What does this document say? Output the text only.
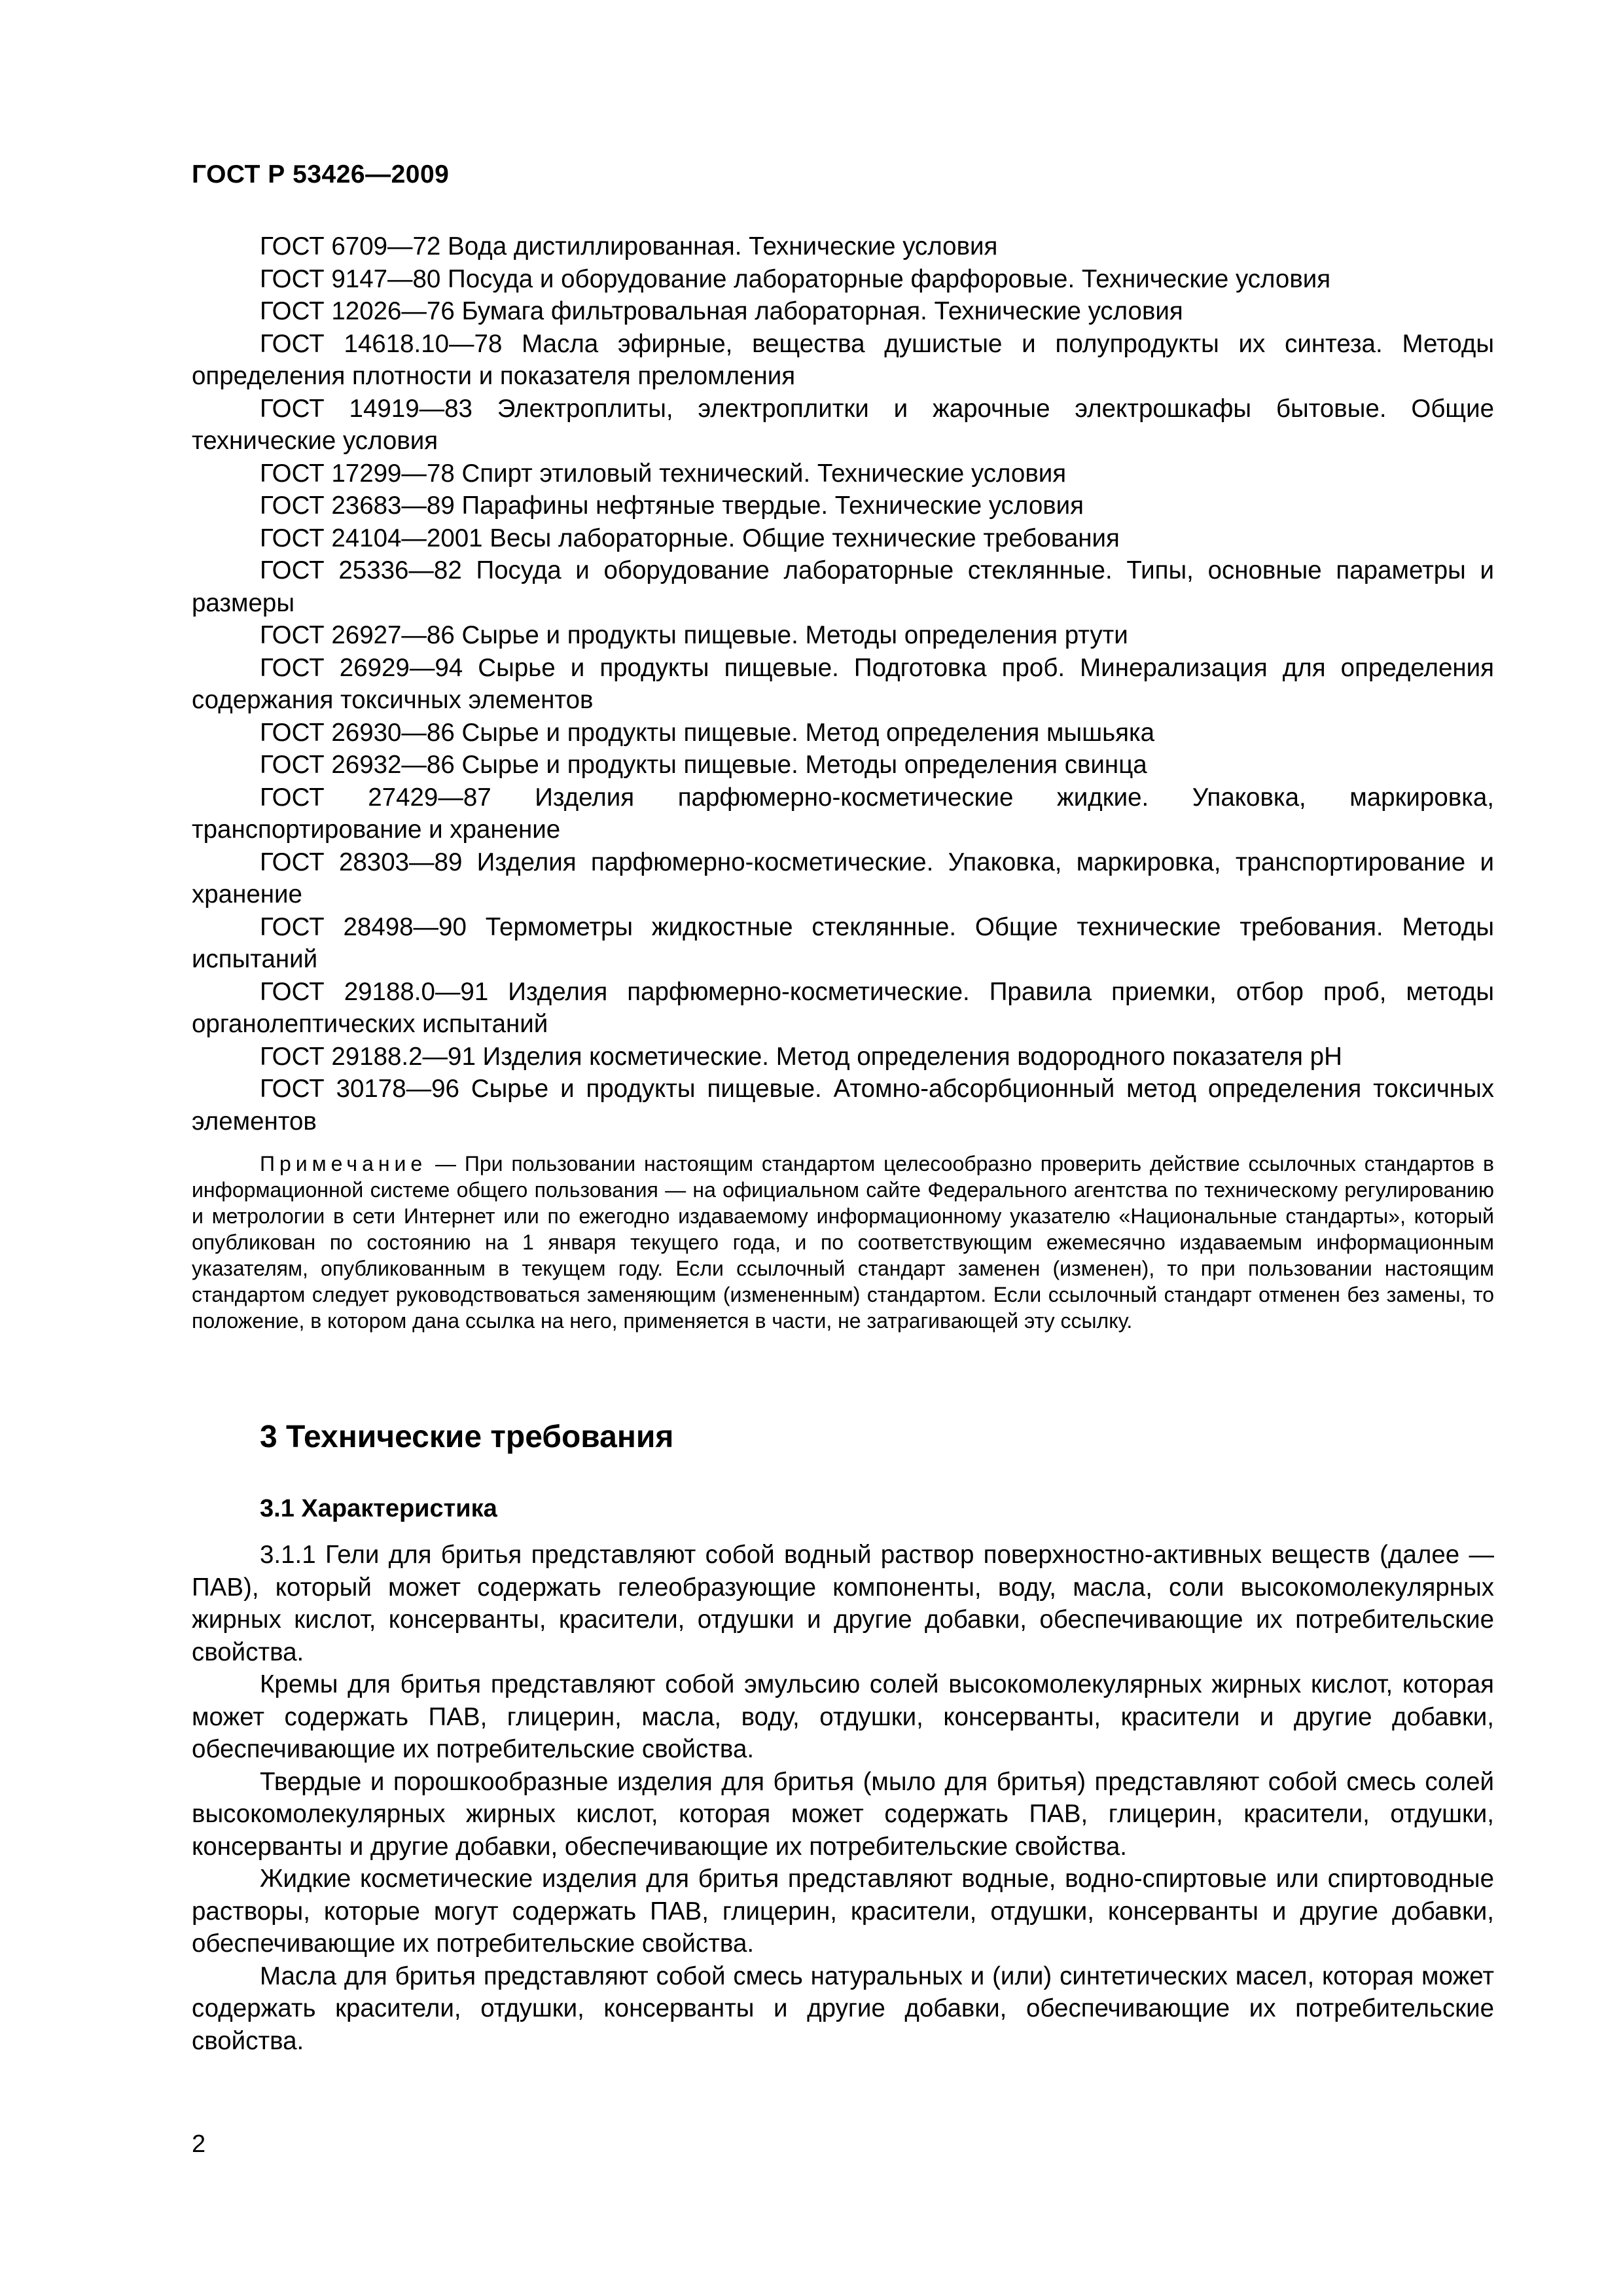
ГОСТ Р 53426—2009

ГОСТ 6709—72 Вода дистиллированная. Технические условия

ГОСТ 9147—80 Посуда и оборудование лабораторные фарфоровые. Технические условия

ГОСТ 12026—76 Бумага фильтровальная лабораторная. Технические условия

ГОСТ 14618.10—78 Масла эфирные, вещества душистые и полупродукты их синтеза. Методы определения плотности и показателя преломления

ГОСТ 14919—83 Электроплиты, электроплитки и жарочные электрошкафы бытовые. Общие технические условия

ГОСТ 17299—78 Спирт этиловый технический. Технические условия

ГОСТ 23683—89 Парафины нефтяные твердые. Технические условия

ГОСТ 24104—2001 Весы лабораторные. Общие технические требования

ГОСТ 25336—82 Посуда и оборудование лабораторные стеклянные. Типы, основные параметры и размеры

ГОСТ 26927—86 Сырье и продукты пищевые. Методы определения ртути

ГОСТ 26929—94 Сырье и продукты пищевые. Подготовка проб. Минерализация для определения содержания токсичных элементов

ГОСТ 26930—86 Сырье и продукты пищевые. Метод определения мышьяка

ГОСТ 26932—86 Сырье и продукты пищевые. Методы определения свинца

ГОСТ 27429—87 Изделия парфюмерно-косметические жидкие. Упаковка, маркировка, транспортирование и хранение

ГОСТ 28303—89 Изделия парфюмерно-косметические. Упаковка, маркировка, транспортирование и хранение

ГОСТ 28498—90 Термометры жидкостные стеклянные. Общие технические требования. Методы испытаний

ГОСТ 29188.0—91 Изделия парфюмерно-косметические. Правила приемки, отбор проб, методы органолептических испытаний

ГОСТ 29188.2—91 Изделия косметические. Метод определения водородного показателя pH

ГОСТ 30178—96 Сырье и продукты пищевые. Атомно-абсорбционный метод определения токсичных элементов

Примечание — При пользовании настоящим стандартом целесообразно проверить действие ссылочных стандартов в информационной системе общего пользования — на официальном сайте Федерального агентства по техническому регулированию и метрологии в сети Интернет или по ежегодно издаваемому информационному указателю «Национальные стандарты», который опубликован по состоянию на 1 января текущего года, и по соответствующим ежемесячно издаваемым информационным указателям, опубликованным в текущем году. Если ссылочный стандарт заменен (изменен), то при пользовании настоящим стандартом следует руководствоваться заменяющим (измененным) стандартом. Если ссылочный стандарт отменен без замены, то положение, в котором дана ссылка на него, применяется в части, не затрагивающей эту ссылку.

3 Технические требования
3.1 Характеристика

3.1.1 Гели для бритья представляют собой водный раствор поверхностно-активных веществ (далее — ПАВ), который может содержать гелеобразующие компоненты, воду, масла, соли высокомолекулярных жирных кислот, консерванты, красители, отдушки и другие добавки, обеспечивающие их потребительские свойства.

Кремы для бритья представляют собой эмульсию солей высокомолекулярных жирных кислот, которая может содержать ПАВ, глицерин, масла, воду, отдушки, консерванты, красители и другие добавки, обеспечивающие их потребительские свойства.

Твердые и порошкообразные изделия для бритья (мыло для бритья) представляют собой смесь солей высокомолекулярных жирных кислот, которая может содержать ПАВ, глицерин, красители, отдушки, консерванты и другие добавки, обеспечивающие их потребительские свойства.

Жидкие косметические изделия для бритья представляют водные, водно-спиртовые или спиртоводные растворы, которые могут содержать ПАВ, глицерин, красители, отдушки, консерванты и другие добавки, обеспечивающие их потребительские свойства.

Масла для бритья представляют собой смесь натуральных и (или) синтетических масел, которая может содержать красители, отдушки, консерванты и другие добавки, обеспечивающие их потребительские свойства.

2
